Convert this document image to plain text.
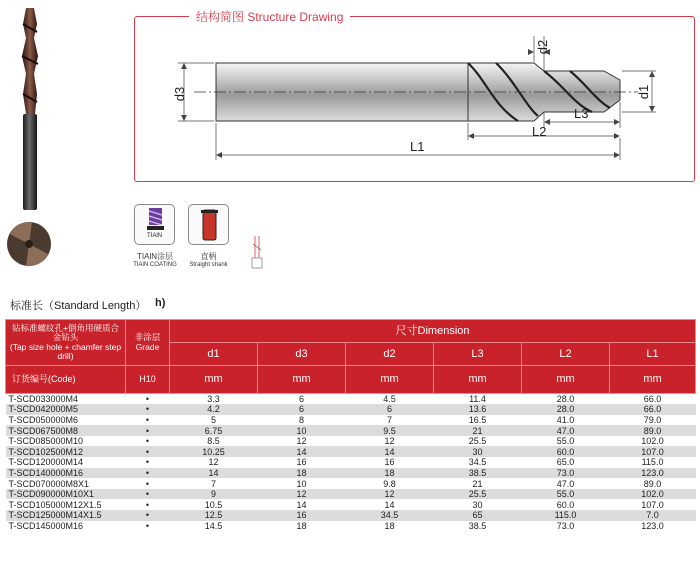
结构简图 Structure Drawing
d3
d2
d1
L3
L2
L1
TIAlN
TIAlN涂层
TIAlN COATING
直柄
Straight shank
标准长（Standard Length） h)
钻标准螺纹孔+倒角用硬质合金钻头
(Tap size hole + chamfer step drill)	非涂层 Grade	尺寸Dimension					
		d1	d3	d2	L3	L2	L1
订货编号(Code)	H10	mm	mm	mm	mm	mm	mm
T-SCD033000M4	•	3.3	6	4.5	11.4	28.0	66.0
T-SCD042000M5	•	4.2	6	6	13.6	28.0	66.0
T-SCD050000M6	•	5	8	7	16.5	41.0	79.0
T-SCD067500M8	•	6.75	10	9.5	21	47.0	89.0
T-SCD085000M10	•	8.5	12	12	25.5	55.0	102.0
T-SCD102500M12	•	10.25	14	14	30	60.0	107.0
T-SCD120000M14	•	12	16	16	34.5	65.0	115.0
T-SCD140000M16	•	14	18	18	38.5	73.0	123.0
T-SCD070000M8X1	•	7	10	9.8	21	47.0	89.0
T-SCD090000M10X1	•	9	12	12	25.5	55.0	102.0
T-SCD105000M12X1.5	•	10.5	14	14	30	60.0	107.0
T-SCD125000M14X1.5	•	12.5	16	34.5	65	115.0	7.0
T-SCD145000M16	•	14.5	18	18	38.5	73.0	123.0
